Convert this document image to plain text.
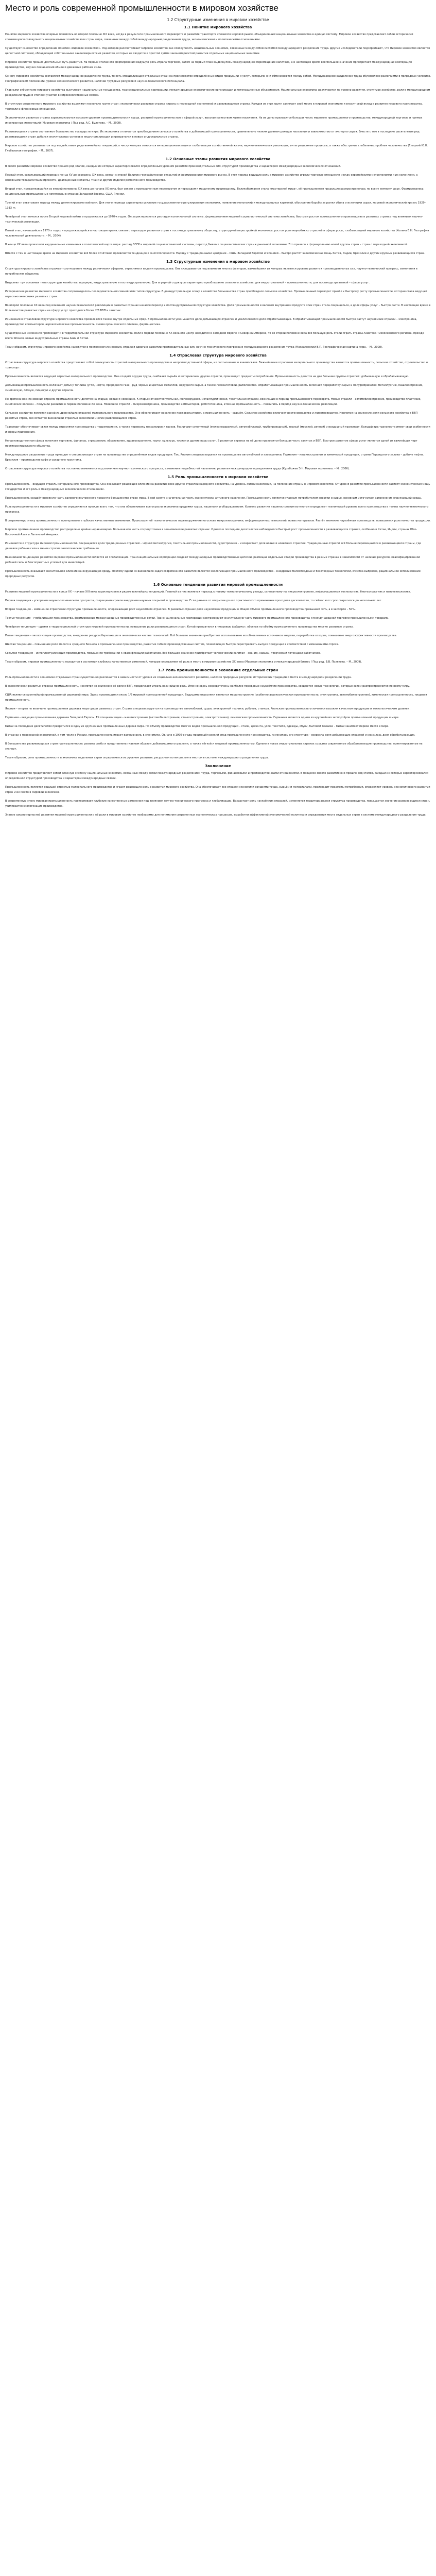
Место и роль современной промышленности в мировом хозяйстве
1.2 Структурные изменения в мировом хозяйстве
1.1 Понятие мирового хозяйства

Понятие мирового хозяйства впервые появилось во второй половине XIX века, когда в результате промышленного переворота и развития транспорта сложился мировой рынок, объединивший национальные хозяйства в единую систему. Мировое хозяйство представляет собой исторически сложившуюся совокупность национальных хозяйств всех стран мира, связанных между собой международным разделением труда, экономическими и политическими отношениями.

Существует множество определений понятия «мировое хозяйство». Ряд авторов рассматривает мировое хозяйство как совокупность национальных экономик, связанных между собой системой международного разделения труда. Другие исследователи подчёркивают, что мировое хозяйство является целостной системой, обладающей собственными закономерностями развития, которые не сводятся к простой сумме закономерностей развития отдельных национальных экономик.

Мировое хозяйство прошло длительный путь развития. На первых этапах его формирования ведущую роль играла торговля, затем на первый план выдвинулось международное перемещение капитала, а в настоящее время всё большее значение приобретает международная кооперация производства, научно-технический обмен и движение рабочей силы.

Основу мирового хозяйства составляет международное разделение труда, то есть специализация отдельных стран на производстве определённых видов продукции и услуг, которыми они обмениваются между собой. Международное разделение труда обусловлено различиями в природных условиях, географическом положении, уровне экономического развития, наличии трудовых ресурсов и научно-технического потенциала.

Главными субъектами мирового хозяйства выступают национальные государства, транснациональные корпорации, международные экономические организации и интеграционные объединения. Национальные экономики различаются по уровню развития, структуре хозяйства, роли в международном разделении труда и степени участия в мирохозяйственных связях.

В структуре современного мирового хозяйства выделяют несколько групп стран: экономически развитые страны, страны с переходной экономикой и развивающиеся страны. Каждая из этих групп занимает своё место в мировой экономике и вносит свой вклад в развитие мирового производства, торговли и финансовых отношений.

Экономически развитые страны характеризуются высоким уровнем производительности труда, развитой промышленностью и сферой услуг, высоким качеством жизни населения. На их долю приходится большая часть мирового промышленного производства, международной торговли и прямых иностранных инвестиций (Мировая экономика / Под ред. А.С. Булатова. – М., 2008).

Развивающиеся страны составляют большинство государств мира. Их экономика отличается преобладанием сельского хозяйства и добывающей промышленности, сравнительно низким уровнем доходов населения и зависимостью от экспорта сырья. Вместе с тем в последние десятилетия ряд развивающихся стран добился значительных успехов в индустриализации и превратился в новые индустриальные страны.

Мировое хозяйство развивается под воздействием ряда важнейших тенденций, к числу которых относятся интернационализация и глобализация хозяйственной жизни, научно-техническая революция, интеграционные процессы, а также обострение глобальных проблем человечества (Гладкий Ю.Н. Глобальная география. – М., 2007).

1.2 Основные этапы развития мирового хозяйства

В своём развитии мировое хозяйство прошло ряд этапов, каждый из которых характеризовался определённым уровнем развития производительных сил, структурой производства и характером международных экономических отношений.

Первый этап, охватывающий период с конца XV до середины XIX века, связан с эпохой Великих географических открытий и формированием мирового рынка. В этот период ведущую роль в мировом хозяйстве играли торговые отношения между европейскими метрополиями и их колониями, а основными товарами были пряности, драгоценные металлы, ткани и другие изделия ремесленного производства.

Второй этап, продолжавшийся со второй половины XIX века до начала XX века, был связан с промышленным переворотом и переходом к машинному производству. Великобритания стала «мастерской мира», её промышленная продукция распространялась по всему земному шару. Формировались национальные промышленные комплексы в странах Западной Европы, США, Японии.

Третий этап охватывает период между двумя мировыми войнами. Для этого периода характерны усиление государственного регулирования экономики, появление монополий и международных картелей, обострение борьбы за рынки сбыта и источники сырья, мировой экономический кризис 1929–1933 гг.

Четвёртый этап начался после Второй мировой войны и продолжался до 1970-х годов. Он характеризуется распадом колониальной системы, формированием мировой социалистической системы хозяйства, быстрым ростом промышленного производства в развитых странах под влиянием научно-технической революции.

Пятый этап, начавшийся в 1970-х годах и продолжающийся в настоящее время, связан с переходом развитых стран к постиндустриальному обществу, структурной перестройкой экономики, ростом роли наукоёмких отраслей и сферы услуг, глобализацией мирового хозяйства (Холина В.Н. География человеческой деятельности. – М., 2004).

В конце XX века произошли кардинальные изменения в политической карте мира: распад СССР и мировой социалистической системы, переход бывших социалистических стран к рыночной экономике. Это привело к формированию новой группы стран – стран с переходной экономикой.

Вместе с тем в настоящее время на мировом хозяйстве всё более отчётливо проявляется тенденция к многополярности. Наряду с традиционными центрами – США, Западной Европой и Японией – быстро растёт экономическая мощь Китая, Индии, Бразилии и других крупных развивающихся стран.

1.3 Структурные изменения в мировом хозяйстве

Структура мирового хозяйства отражает соотношение между различными сферами, отраслями и видами производства. Она складывается под влиянием многих факторов, важнейшими из которых являются уровень развития производительных сил, научно-технический прогресс, изменения в потребностях общества.

Выделяют три основных типа структуры хозяйства: аграрную, индустриальную и постиндустриальную. Для аграрной структуры характерно преобладание сельского хозяйства, для индустриальной – промышленности, для постиндустриальной – сферы услуг.

Историческое развитие мирового хозяйства сопровождалось последовательной сменой этих типов структуры. В доиндустриальную эпоху в хозяйстве большинства стран преобладало сельское хозяйство. Промышленный переворот привёл к быстрому росту промышленности, которая стала ведущей отраслью экономики развитых стран.

Во второй половине XX века под влиянием научно-технической революции в развитых странах начался переход к постиндустриальной структуре хозяйства. Доля промышленности в валовом внутреннем продукте этих стран стала сокращаться, а доля сферы услуг – быстро расти. В настоящее время в большинстве развитых стран на сферу услуг приходится более 2/3 ВВП и занятых.

Изменения в отраслевой структуре мирового хозяйства проявляются также внутри отдельных сфер. В промышленности уменьшается доля добывающих отраслей и увеличивается доля обрабатывающих. В обрабатывающей промышленности быстро растут наукоёмкие отрасли – электроника, производство компьютеров, аэрокосмическая промышленность, химия органического синтеза, фармацевтика.

Существенные изменения происходят и в территориальной структуре мирового хозяйства. Если в первой половине XX века его центр находился в Западной Европе и Северной Америке, то во второй половине века всё большую роль стали играть страны Азиатско-Тихоокеанского региона, прежде всего Япония, новые индустриальные страны Азии и Китай.

Таким образом, структура мирового хозяйства находится в постоянном изменении, отражая сдвиги в развитии производительных сил, научно-технического прогресса и международного разделения труда (Максаковский В.П. Географическая картина мира. – М., 2008).

1.4 Отраслевая структура мирового хозяйства

Отраслевая структура мирового хозяйства представляет собой совокупность отраслей материального производства и непроизводственной сферы, их соотношение и взаимосвязи. Важнейшими отраслями материального производства являются промышленность, сельское хозяйство, строительство и транспорт.

Промышленность является ведущей отраслью материального производства. Она создаёт орудия труда, снабжает сырьём и материалами другие отрасли, производит предметы потребления. Промышленность делится на две большие группы отраслей: добывающую и обрабатывающую.

Добывающая промышленность включает добычу топлива (угля, нефти, природного газа), руд чёрных и цветных металлов, нерудного сырья, а также лесозаготовки, рыболовство. Обрабатывающая промышленность включает переработку сырья и полуфабрикатов: металлургию, машиностроение, химическую, лёгкую, пищевую и другие отрасли.

По времени возникновения отрасли промышленности делятся на старые, новые и новейшие. К старым относятся угольная, железорудная, металлургическая, текстильная отрасли, возникшие в период промышленного переворота. Новые отрасли – автомобилестроение, производство пластмасс, химических волокон – получили развитие в первой половине XX века. Новейшие отрасли – микроэлектроника, производство компьютеров, робототехника, атомная промышленность – появились в период научно-технической революции.

Сельское хозяйство является одной из древнейших отраслей материального производства. Оно обеспечивает население продовольствием, а промышленность – сырьём. Сельское хозяйство включает растениеводство и животноводство. Несмотря на снижение доли сельского хозяйства в ВВП развитых стран, оно остаётся важнейшей отраслью экономики многих развивающихся стран.

Транспорт обеспечивает связи между отраслями производства и территориями, а также перевозку пассажиров и грузов. Различают сухопутный (железнодорожный, автомобильный, трубопроводный), водный (морской, речной) и воздушный транспорт. Каждый вид транспорта имеет свои особенности и сферы применения.

Непроизводственная сфера включает торговлю, финансы, страхование, образование, здравоохранение, науку, культуру, туризм и другие виды услуг. В развитых странах на её долю приходится большая часть занятых и ВВП. Быстрое развитие сферы услуг является одной из важнейших черт постиндустриального общества.

Международное разделение труда приводит к специализации стран на производстве определённых видов продукции. Так, Япония специализируется на производстве автомобилей и электроники, Германия – машиностроения и химической продукции, страны Персидского залива – добыче нефти, Бразилия – производстве кофе и сахарного тростника.

Отраслевая структура мирового хозяйства постоянно изменяется под влиянием научно-технического прогресса, изменения потребностей населения, развития международного разделения труда (Кузьбожев Э.Н. Мировая экономика. – М., 2006).

1.5 Роль промышленности в мировом хозяйстве

Промышленность – ведущая отрасль материального производства. Она оказывает решающее влияние на развитие всех других отраслей народного хозяйства, на уровень жизни населения, на положение страны в мировом хозяйстве. От уровня развития промышленности зависит экономическая мощь государства и его роль в международных экономических отношениях.

Промышленность создаёт основную часть валового внутреннего продукта большинства стран мира. В ней занята значительная часть экономически активного населения. Промышленность является главным потребителем энергии и сырья, основным источником загрязнения окружающей среды.

Роль промышленности в мировом хозяйстве определяется прежде всего тем, что она обеспечивает все отрасли экономики орудиями труда, машинами и оборудованием. Уровень развития машиностроения во многом определяет технический уровень всего производства и темпы научно-технического прогресса.

В современную эпоху промышленность претерпевает глубокие качественные изменения. Происходит её технологическое перевооружение на основе микроэлектроники, информационных технологий, новых материалов. Растёт значение наукоёмких производств, повышается роль качества продукции.

Мировое промышленное производство распределено крайне неравномерно. Большая его часть сосредоточена в экономически развитых странах. Однако в последние десятилетия наблюдается быстрый рост промышленности в развивающихся странах, особенно в Китае, Индии, странах Юго-Восточной Азии и Латинской Америки.

Изменяется и структура мировой промышленности. Сокращается доля традиционных отраслей – чёрной металлургии, текстильной промышленности, судостроения – и возрастает доля новых и новейших отраслей. Традиционные отрасли всё больше перемещаются в развивающиеся страны, где дешевле рабочая сила и менее строгие экологические требования.

Важнейшей тенденцией развития мировой промышленности является её глобализация. Транснациональные корпорации создают международные производственные цепочки, размещая отдельные стадии производства в разных странах в зависимости от наличия ресурсов, квалифицированной рабочей силы и благоприятных условий для инвестиций.

Промышленность оказывает значительное влияние на окружающую среду. Поэтому одной из важнейших задач современного развития является экологизация промышленного производства – внедрение малоотходных и безотходных технологий, очистка выбросов, рациональное использование природных ресурсов.

1.6 Основные тенденции развития мировой промышленности

Развитие мировой промышленности в конце XX – начале XXI века характеризуется рядом важнейших тенденций. Главной из них является переход к новому технологическому укладу, основанному на микроэлектронике, информационных технологиях, биотехнологиях и нанотехнологиях.

Первая тенденция – ускорение научно-технического прогресса, сокращение сроков внедрения научных открытий в производство. Если раньше от открытия до его практического применения проходили десятилетия, то сейчас этот срок сократился до нескольких лет.

Вторая тенденция – изменение отраслевой структуры промышленности, опережающий рост наукоёмких отраслей. В развитых странах доля наукоёмкой продукции в общем объёме промышленного производства превышает 30%, а в экспорте – 50%.

Третья тенденция – глобализация производства, формирование международных производственных сетей. Транснациональные корпорации контролируют значительную часть мирового промышленного производства и международной торговли промышленными товарами.

Четвёртая тенденция – сдвиги в территориальной структуре мировой промышленности, повышение роли развивающихся стран. Китай превратился в «мировую фабрику», обогнав по объёму промышленного производства многие развитые страны.

Пятая тенденция – экологизация производства, внедрение ресурсосберегающих и экологически чистых технологий. Всё большее значение приобретает использование возобновляемых источников энергии, переработка отходов, повышение энергоэффективности производства.

Шестая тенденция – повышение роли малого и среднего бизнеса в промышленном производстве, развитие гибких производственных систем, позволяющих быстро перестраивать выпуск продукции в соответствии с изменениями спроса.

Седьмая тенденция – интеллектуализация производства, повышение требований к квалификации работников. Всё большее значение приобретает человеческий капитал – знания, навыки, творческий потенциал работников.

Таким образом, мировая промышленность находится в состоянии глубоких качественных изменений, которые определяют её роль и место в мировом хозяйстве XXI века (Мировая экономика и международный бизнес / Под ред. В.В. Полякова. – М., 2009).

1.7 Роль промышленности в экономике отдельных стран

Роль промышленности в экономике отдельных стран существенно различается в зависимости от уровня их социально-экономического развития, наличия природных ресурсов, исторических традиций и места в международном разделении труда.

В экономически развитых странах промышленность, несмотря на снижение её доли в ВВП, продолжает играть важнейшую роль. Именно здесь сосредоточены наиболее передовые наукоёмкие производства, создаются новые технологии, которые затем распространяются по всему миру.

США являются крупнейшей промышленной державой мира. Здесь производится около 1/5 мировой промышленной продукции. Ведущими отраслями являются машиностроение (особенно аэрокосмическая промышленность, электроника, автомобилестроение), химическая промышленность, пищевая промышленность.

Япония – вторая по величине промышленная держава мира среди развитых стран. Страна специализируется на производстве автомобилей, судов, электронной техники, роботов, станков. Японская промышленность отличается высоким качеством продукции и технологическим уровнем.

Германия – ведущая промышленная держава Западной Европы. Её специализация – машиностроение (автомобилестроение, станкостроение, электротехника), химическая промышленность. Германия является одним из крупнейших экспортёров промышленной продукции в мире.

Китай за последние десятилетия превратился в одну из крупнейших промышленных держав мира. По объёму производства многих видов промышленной продукции – стали, цемента, угля, текстиля, одежды, обуви, бытовой техники – Китай занимает первое место в мире.

В странах с переходной экономикой, в том числе в России, промышленность играет важную роль в экономике. Однако в 1990-е годы произошёл резкий спад промышленного производства, изменилась его структура – возросла доля добывающих отраслей и снизилась доля обрабатывающих.

В большинстве развивающихся стран промышленность развита слабо и представлена главным образом добывающими отраслями, а также лёгкой и пищевой промышленностью. Однако в новых индустриальных странах созданы современные обрабатывающие производства, ориентированные на экспорт.

Таким образом, роль промышленности в экономике отдельных стран определяется их уровнем развития, ресурсным потенциалом и местом в системе международного разделения труда.

Заключение

Мировое хозяйство представляет собой сложную систему национальных экономик, связанных между собой международным разделением труда, торговыми, финансовыми и производственными отношениями. В процессе своего развития оно прошло ряд этапов, каждый из которых характеризовался определённой структурой производства и характером международных связей.

Промышленность является ведущей отраслью материального производства и играет решающую роль в развитии мирового хозяйства. Она обеспечивает все отрасли экономики орудиями труда, сырьём и материалами, производит предметы потребления, определяет уровень экономического развития стран и их место в мировой экономике.

В современную эпоху мировая промышленность претерпевает глубокие качественные изменения под влиянием научно-технического прогресса и глобализации. Возрастает роль наукоёмких отраслей, изменяется территориальная структура производства, повышается значение развивающихся стран, усиливается экологизация производства.

Знание закономерностей развития мировой промышленности и её роли в мировом хозяйстве необходимо для понимания современных экономических процессов, выработки эффективной экономической политики и определения места отдельных стран в системе международного разделения труда.
